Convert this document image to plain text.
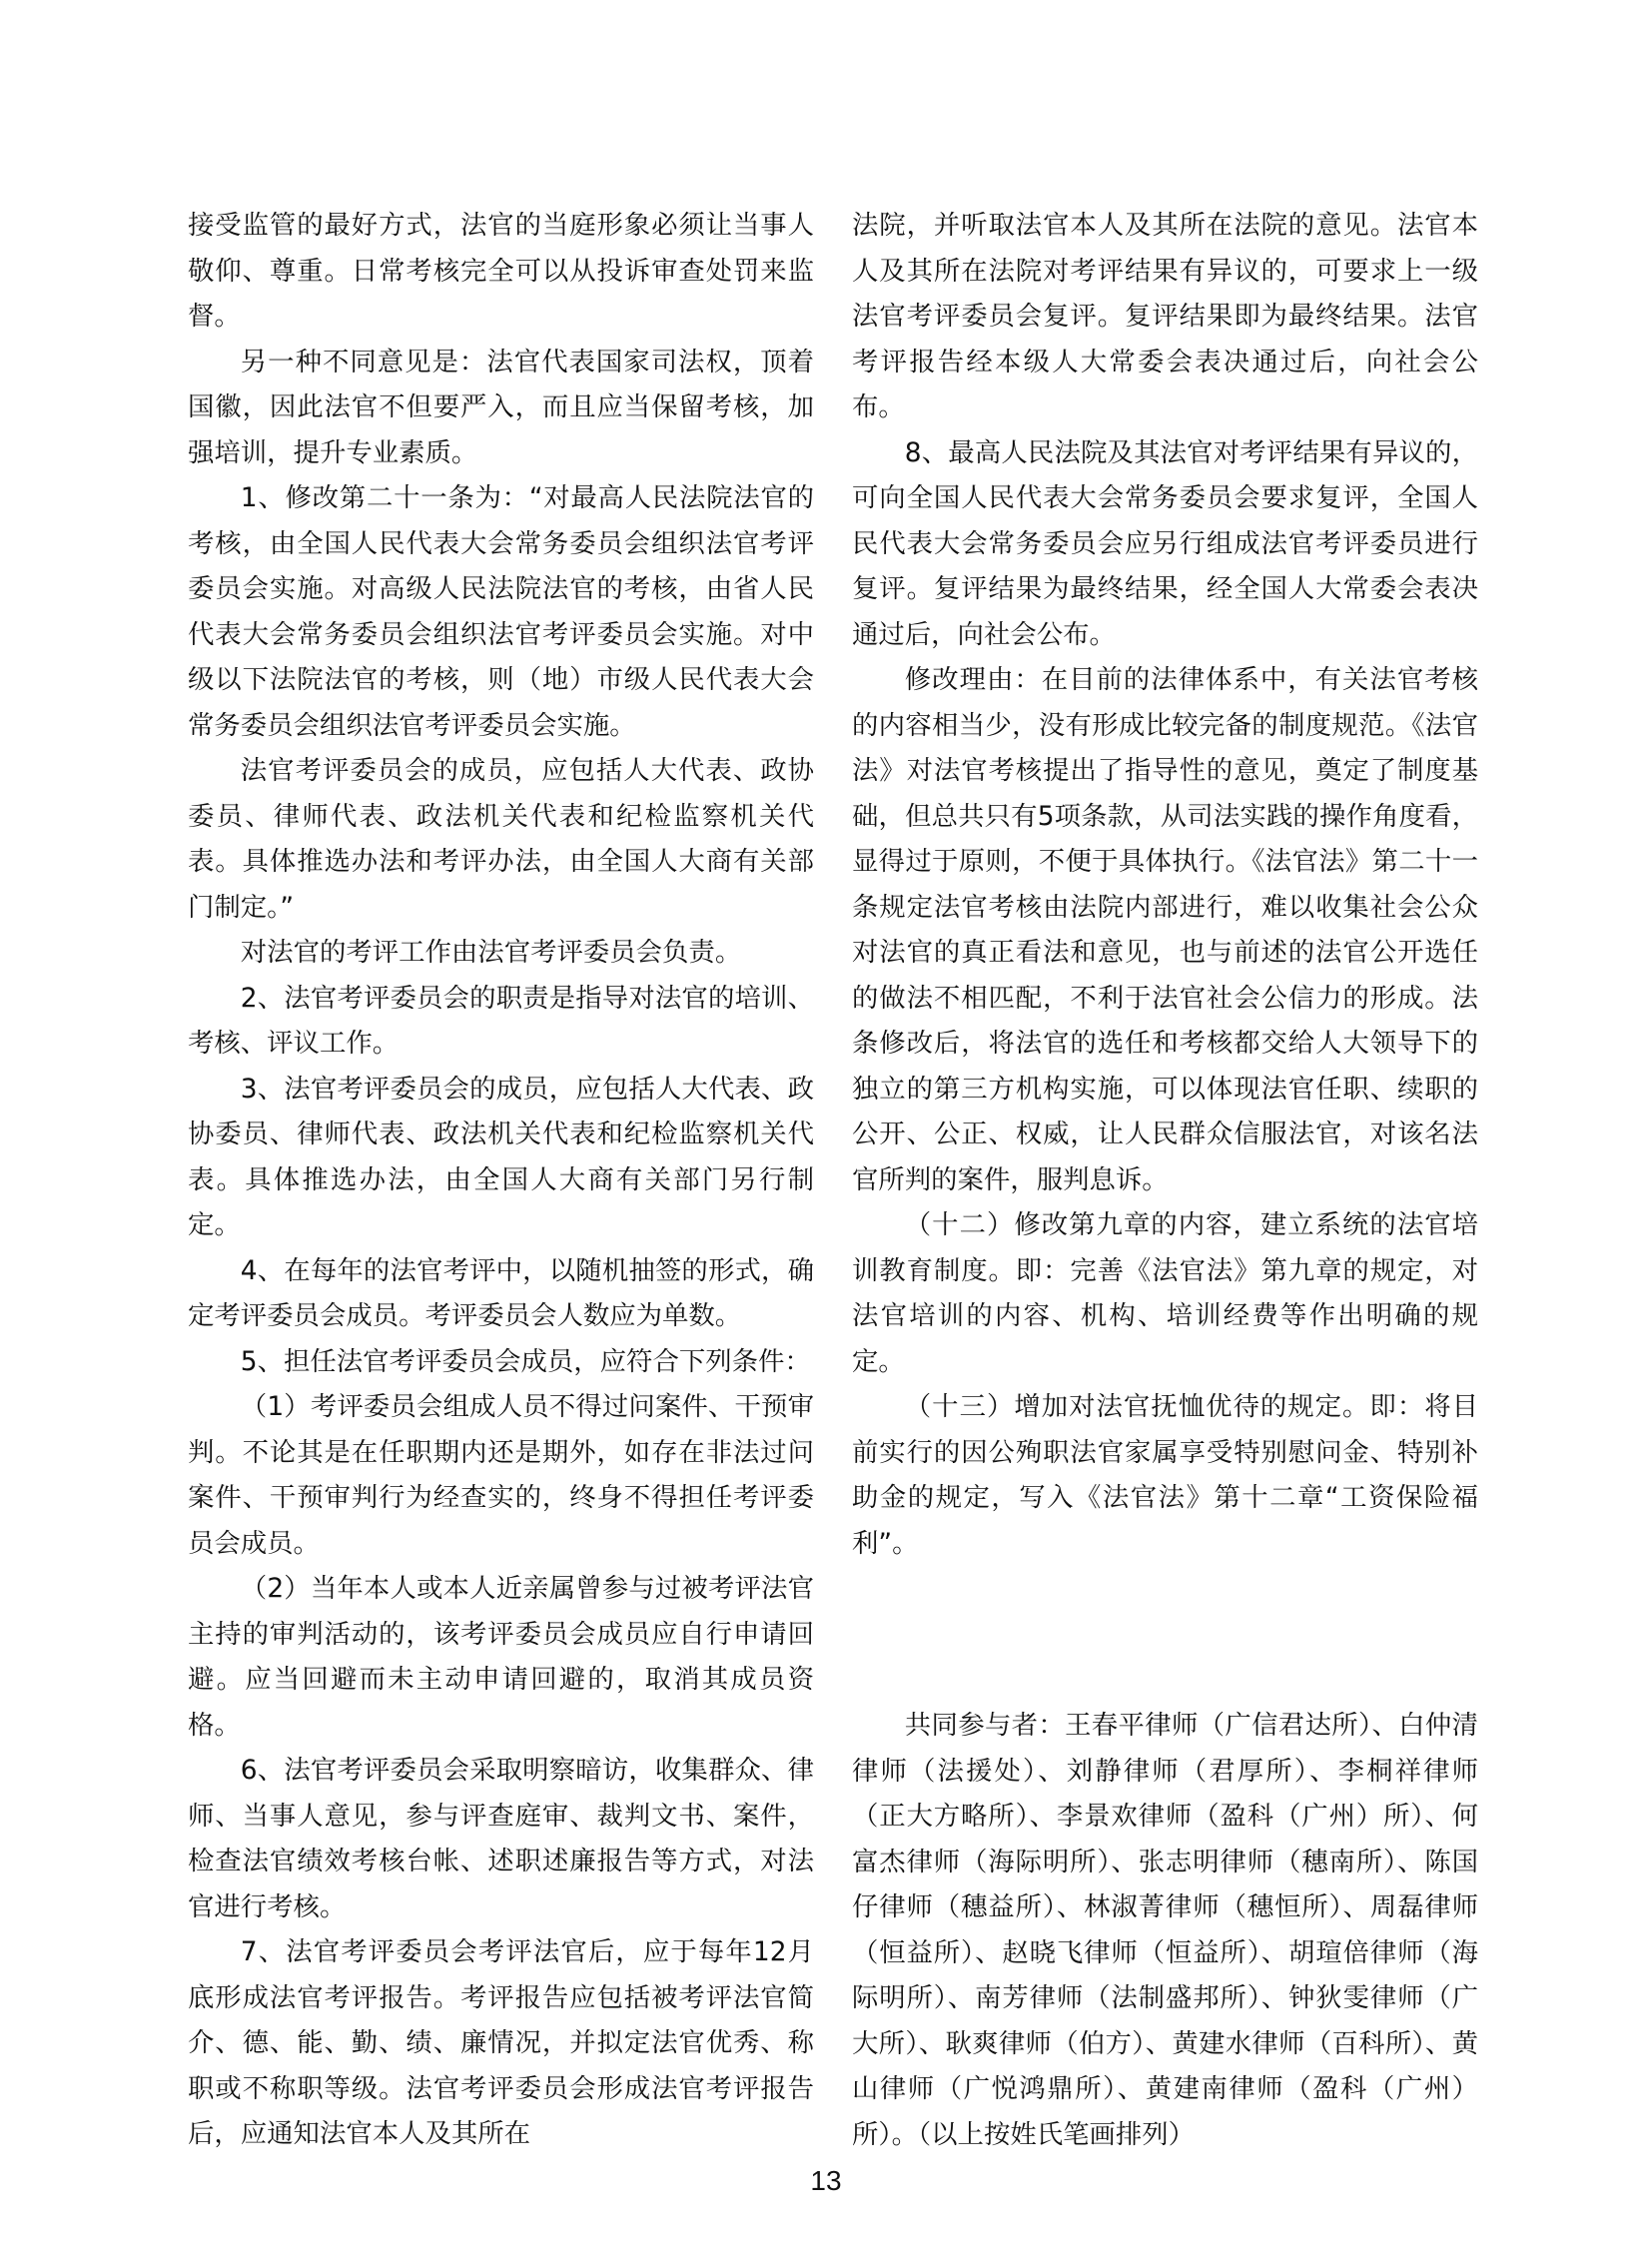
接受监管的最好方式，法官的当庭形象必须让当事人敬仰、尊重。日常考核完全可以从投诉审查处罚来监督。

另一种不同意见是：法官代表国家司法权，顶着国徽，因此法官不但要严入，而且应当保留考核，加强培训，提升专业素质。

1、修改第二十一条为：“对最高人民法院法官的考核，由全国人民代表大会常务委员会组织法官考评委员会实施。对高级人民法院法官的考核，由省人民代表大会常务委员会组织法官考评委员会实施。对中级以下法院法官的考核，则（地）市级人民代表大会常务委员会组织法官考评委员会实施。

法官考评委员会的成员，应包括人大代表、政协委员、律师代表、政法机关代表和纪检监察机关代表。具体推选办法和考评办法，由全国人大商有关部门制定。”

对法官的考评工作由法官考评委员会负责。

2、法官考评委员会的职责是指导对法官的培训、考核、评议工作。

3、法官考评委员会的成员，应包括人大代表、政协委员、律师代表、政法机关代表和纪检监察机关代表。具体推选办法，由全国人大商有关部门另行制定。

4、在每年的法官考评中，以随机抽签的形式，确定考评委员会成员。考评委员会人数应为单数。

5、担任法官考评委员会成员，应符合下列条件：

（1）考评委员会组成人员不得过问案件、干预审判。不论其是在任职期内还是期外，如存在非法过问案件、干预审判行为经查实的，终身不得担任考评委员会成员。

（2）当年本人或本人近亲属曾参与过被考评法官主持的审判活动的，该考评委员会成员应自行申请回避。应当回避而未主动申请回避的，取消其成员资格。

6、法官考评委员会采取明察暗访，收集群众、律师、当事人意见，参与评查庭审、裁判文书、案件，检查法官绩效考核台帐、述职述廉报告等方式，对法官进行考核。

7、法官考评委员会考评法官后，应于每年12月底形成法官考评报告。考评报告应包括被考评法官简介、德、能、勤、绩、廉情况，并拟定法官优秀、称职或不称职等级。法官考评委员会形成法官考评报告后，应通知法官本人及其所在

法院，并听取法官本人及其所在法院的意见。法官本人及其所在法院对考评结果有异议的，可要求上一级法官考评委员会复评。复评结果即为最终结果。法官考评报告经本级人大常委会表决通过后，向社会公布。

8、最高人民法院及其法官对考评结果有异议的，可向全国人民代表大会常务委员会要求复评，全国人民代表大会常务委员会应另行组成法官考评委员进行复评。复评结果为最终结果，经全国人大常委会表决通过后，向社会公布。

修改理由：在目前的法律体系中，有关法官考核的内容相当少，没有形成比较完备的制度规范。《法官法》对法官考核提出了指导性的意见，奠定了制度基础，但总共只有5项条款，从司法实践的操作角度看，显得过于原则，不便于具体执行。《法官法》第二十一条规定法官考核由法院内部进行，难以收集社会公众对法官的真正看法和意见，也与前述的法官公开选任的做法不相匹配，不利于法官社会公信力的形成。法条修改后，将法官的选任和考核都交给人大领导下的独立的第三方机构实施，可以体现法官任职、续职的公开、公正、权威，让人民群众信服法官，对该名法官所判的案件，服判息诉。

（十二）修改第九章的内容，建立系统的法官培训教育制度。即：完善《法官法》第九章的规定，对法官培训的内容、机构、培训经费等作出明确的规定。

（十三）增加对法官抚恤优待的规定。即：将目前实行的因公殉职法官家属享受特别慰问金、特别补助金的规定，写入《法官法》第十二章“工资保险福利”。

共同参与者：王春平律师（广信君达所）、白仲清律师（法援处）、刘静律师（君厚所）、李桐祥律师（正大方略所）、李景欢律师（盈科（广州）所）、何富杰律师（海际明所）、张志明律师（穗南所）、陈国仔律师（穗益所）、林淑菁律师（穗恒所）、周磊律师（恒益所）、赵晓飞律师（恒益所）、胡瑄倍律师（海际明所）、南芳律师（法制盛邦所）、钟狄雯律师（广大所）、耿爽律师（伯方）、黄建水律师（百科所）、黄山律师（广悦鸿鼎所）、黄建南律师（盈科（广州）所）。（以上按姓氏笔画排列）

13
